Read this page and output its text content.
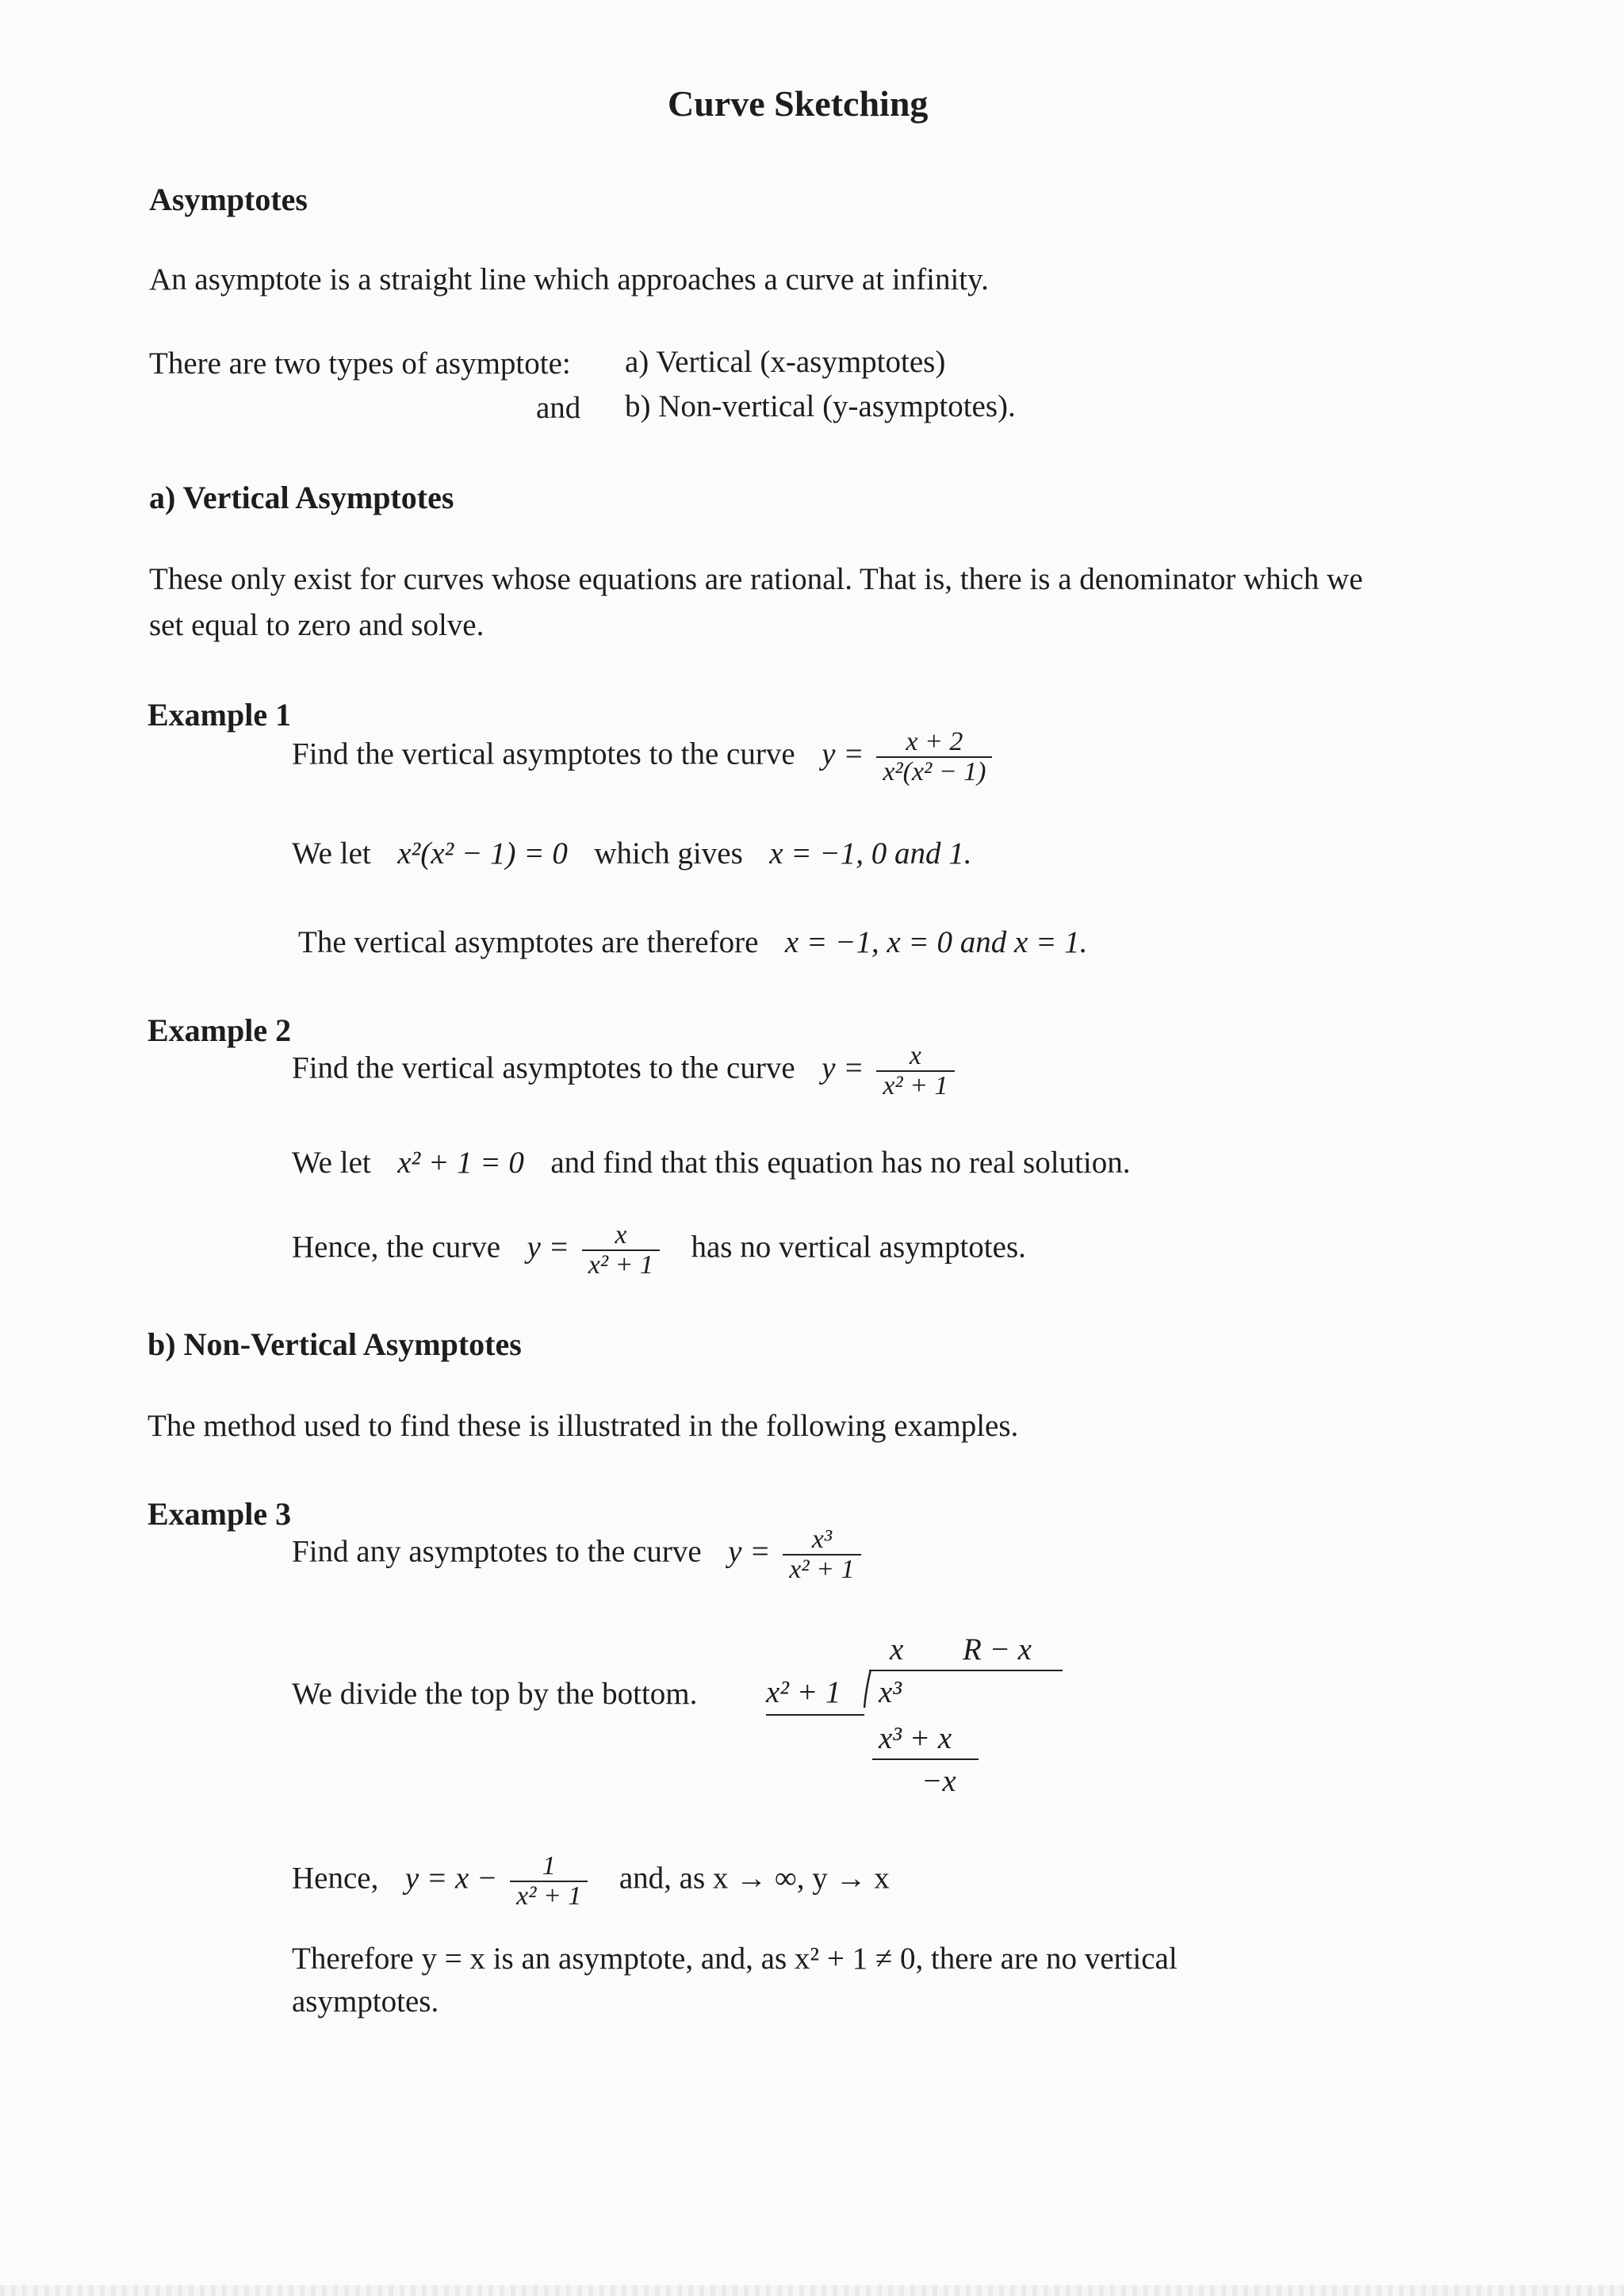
Curve Sketching
Asymptotes
An asymptote is a straight line which approaches a curve at infinity.
There are two types of asymptote: a) Vertical (x-asymptotes)
and b) Non-vertical (y-asymptotes).
a) Vertical Asymptotes
These only exist for curves whose equations are rational. That is, there is a denominator which we
set equal to zero and solve.
Example 1
Find the vertical asymptotes to the curve $y = \frac{x + 2}{\text{x²(x² − 1)}}$
We let x²(x² − 1) = 0 which gives x = −1, 0 and 1.
The vertical asymptotes are therefore x = −1, x = 0 and x = 1.
Example 2
Find the vertical asymptotes to the curve $y = \frac{x}{\text{x² + 1}}$
We let x² + 1 = 0 and find that this equation has no real solution.
Hence, the curve $y = \frac{x}{\text{x² + 1}}$ has no vertical asymptotes.
b) Non-Vertical Asymptotes
The method used to find these is illustrated in the following examples.
Example 3
Find any asymptotes to the curve $y = \frac{\text{x³}}{\text{x² + 1}}$
We divide the top by the bottom.
x R − x
x² + 1 x³
x³ + x
−x
Hence, $y = x - \frac{1}{\text{x² + 1}}$ and, as x → ∞, y → x
Therefore y = x is an asymptote, and, as x² + 1 ≠ 0, there are no vertical
asymptotes.
